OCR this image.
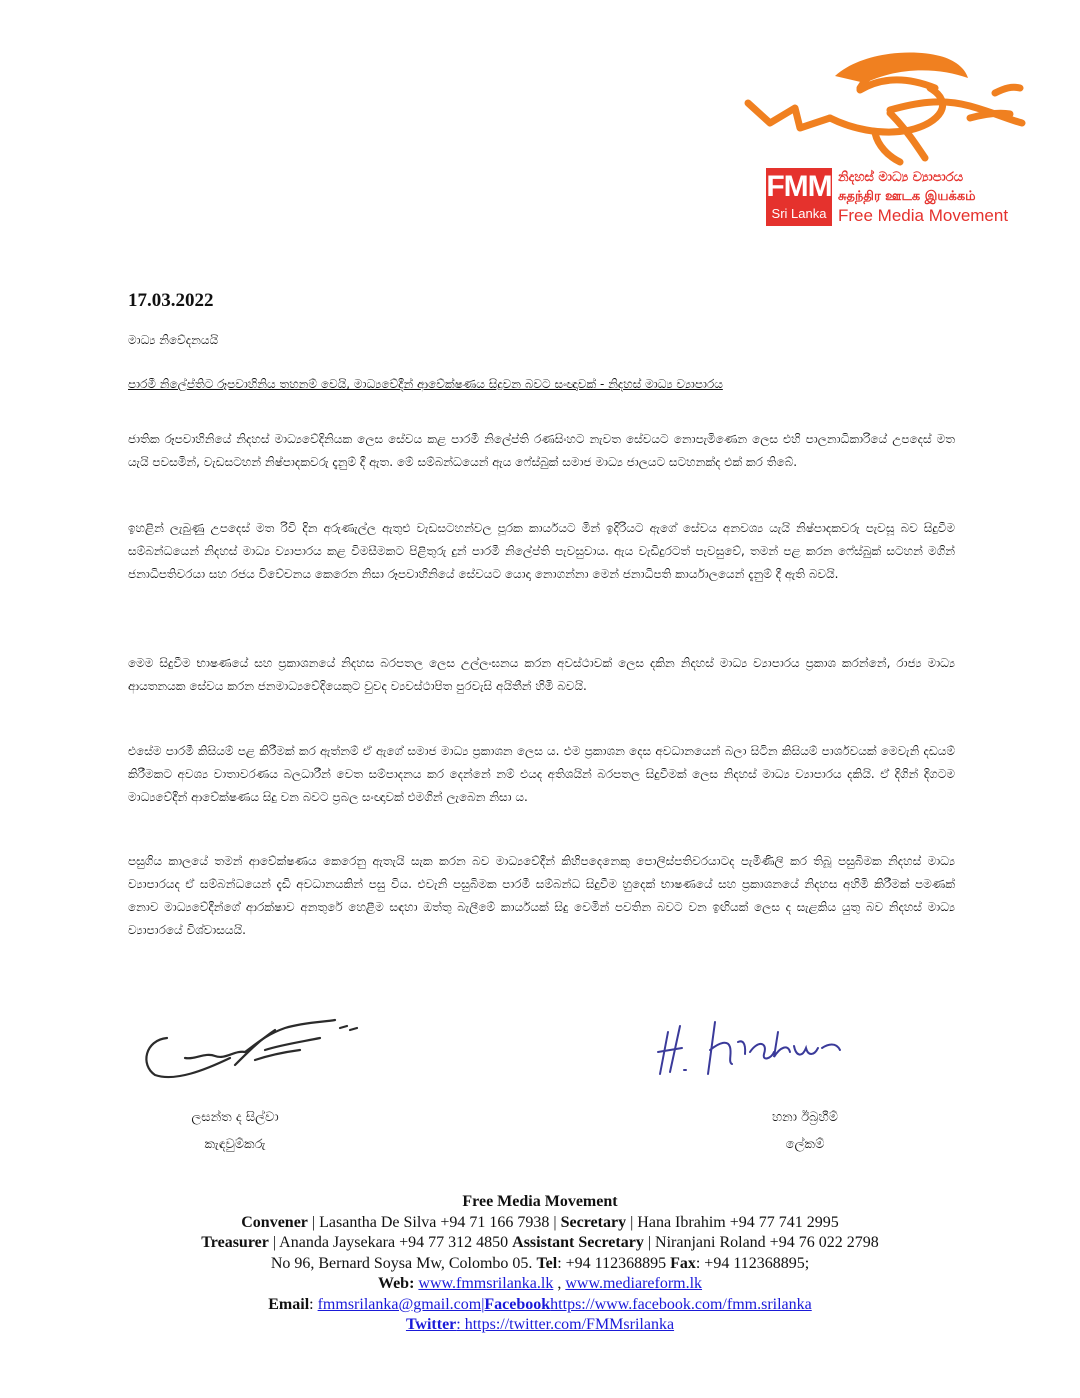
FMM
Sri Lanka
නිදහස් මාධ්‍ය ව්‍යාපාරය
சுதந்திர ஊடக இயக்கம்
Free Media Movement
17.03.2022
මාධ්‍ය නිවේදනයයි
පාරමී නිලේප්තිට රූපවාහිනිය තහනම් වෙයි, මාධ්‍යවේදීන් ආවේක්ෂණය සිදුවන බවට සංඥාවක් - නිදහස් මාධ්‍ය ව්‍යාපාරය
ජාතික රූපවාහිනියේ නිදහස් මාධ්‍යවේදිනියක ලෙස සේවය කළ පාරමී නිලේප්ති රණසිංහට නැවත සේවයට නොපැමිණෙන ලෙස එහි පාලනාධිකාරියේ උපදෙස් මත යැයි පවසමින්, වැඩසටහන් නිෂ්පාදකවරු දැනුම් දී ඇත. මේ සම්බන්ධයෙන් ඇය ෆේස්බුක් සමාජ මාධ්‍ය ජාලයට සටහනක්ද එක් කර තිබේ.
ඉහළින් ලැබුණු උපදෙස් මත රිවි දින අරුණැල්ල ඇතුළු වැඩසටහන්වල පූරක කාර්යයට මින් ඉදිරියට ඇගේ සේවය අනවශ්‍ය යැයි නිෂ්පාදකවරු පැවසූ බව සිදුවීම සම්බන්ධයෙන් නිදහස් මාධ්‍ය ව්‍යාපාරය කළ විමසීමකට පිළිතුරු දුන් පාරමී නිලේප්ති පැවසුවාය. ඇය වැඩිදුරටත් පැවසුවේ, තමන් පළ කරන ෆේස්බුක් සටහන් මගින් ජනාධිපතිවරයා සහ රජය විවේචනය කෙරෙන නිසා රූපවාහිනියේ සේවයට යොදා නොගන්නා මෙන් ජනාධිපති කාර්යාලයෙන් දැනුම් දී ඇති බවයි.
මෙම සිදුවීම භාෂණයේ සහ ප්‍රකාශනයේ නිදහස බරපතල ලෙස උල්ලංඝනය කරන අවස්ථාවක් ලෙස දකින නිදහස් මාධ්‍ය ව්‍යාපාරය ප්‍රකාශ කරන්නේ, රාජ්‍ය මාධ්‍ය ආයතනයක සේවය කරන ජනමාධ්‍යවේදියෙකුට වුවද ව්‍යවස්ථාපිත පුරවැසි අයිතීන් හිමි බවයි.
එසේම පාරමී කිසියම් පළ කිරීමක් කර ඇත්නම් ඒ ඇගේ සමාජ මාධ්‍ය ප්‍රකාශන ලෙස ය. එම ප්‍රකාශන දෙස අවධානයෙන් බලා සිටින කිසියම් පාර්ශවයක් මෙවැනි දඩයම් කිරීමකට අවශ්‍ය වාතාවරණය බලධාරීන් වෙත සම්පාදනය කර දෙන්නේ නම් එයද අතිශයින් බරපතල සිදුවීමක් ලෙස නිදහස් මාධ්‍ය ව්‍යාපාරය දකියි. ඒ දිගින් දිගටම මාධ්‍යවේදීන් ආවේක්ෂණය සිදු වන බවට ප්‍රබල සංඥාවක් එමගින් ලැබෙන නිසා ය.
පසුගිය කාලයේ තමන් ආවේක්ෂණය කෙරෙනු ඇතැයි සැක කරන බව මාධ්‍යවේදීන් කිහිපදෙනෙකු පොලිස්පතිවරයාටද පැමිණිලි කර තිබූ පසුබිමක නිදහස් මාධ්‍ය ව්‍යාපාරයද ඒ සම්බන්ධයෙන් දැඩි අවධානයකින් පසු විය. එවැනි පසුබිමක පාරමී සම්බන්ධ සිදුවීම හුදෙක් භාෂණයේ සහ ප්‍රකාශනයේ නිදහස අහිමි කිරීමක් පමණක් නොව මාධ්‍යවේදීන්ගේ ආරක්ෂාව අනතුරේ හෙළීම සඳහා ඔත්තු බැලීමේ කාර්යයක් සිදු වෙමින් පවතින බවට වන ඉඟියක් ලෙස ද සැළකිය යුතු බව නිදහස් මාධ්‍ය ව්‍යාපාරයේ විශ්වාසයයි.
ලසන්ත ද සිල්වා
කැඳවුම්කරු
හනා ඊබ්‍රහීම්
ලේකම්
Free Media Movement
Convener | Lasantha De Silva +94 71 166 7938 | Secretary | Hana Ibrahim +94 77 741 2995
Treasurer | Ananda Jaysekara +94 77 312 4850 Assistant Secretary | Niranjani Roland +94 76 022 2798
No 96, Bernard Soysa Mw, Colombo 05. Tel: +94 112368895 Fax: +94 112368895;
Web: www.fmmsrilanka.lk , www.mediareform.lk
Email: fmmsrilanka@gmail.com|Facebookhttps://www.facebook.com/fmm.srilanka
Twitter: https://twitter.com/FMMsrilanka
